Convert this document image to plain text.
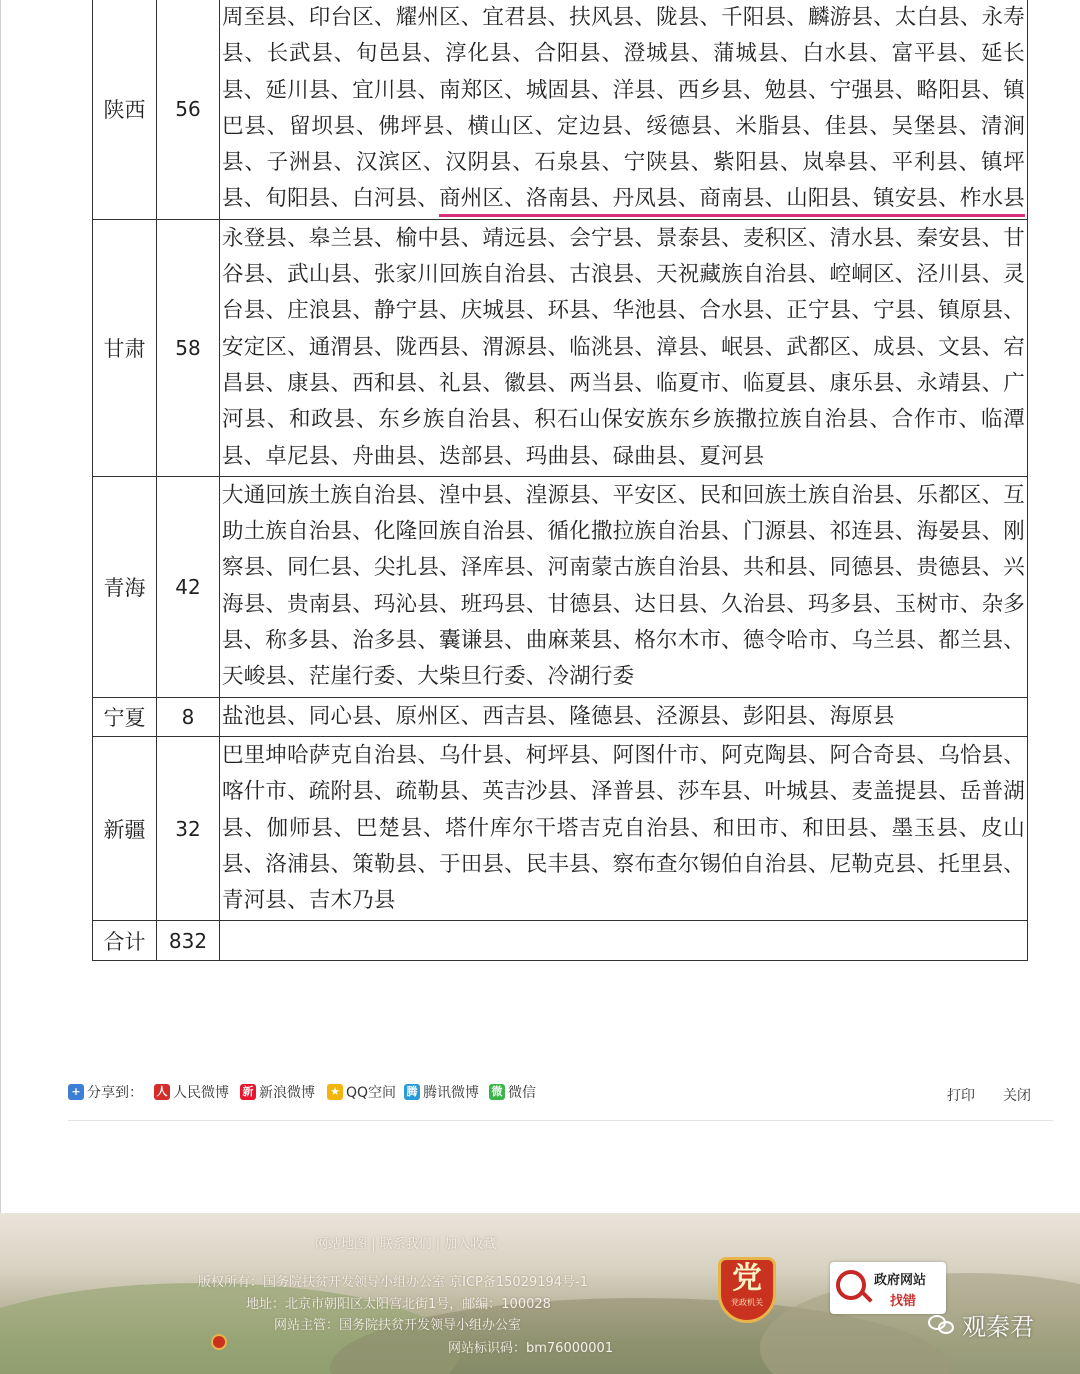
陕西	56	周至县、印台区、耀州区、宜君县、扶风县、陇县、千阳县、麟游县、太白县、永寿县、长武县、旬邑县、淳化县、合阳县、澄城县、蒲城县、白水县、富平县、延长县、延川县、宜川县、南郑区、城固县、洋县、西乡县、勉县、宁强县、略阳县、镇巴县、留坝县、佛坪县、横山区、定边县、绥德县、米脂县、佳县、吴堡县、清涧县、子洲县、汉滨区、汉阴县、石泉县、宁陕县、紫阳县、岚皋县、平利县、镇坪县、旬阳县、白河县、商州区、洛南县、丹凤县、商南县、山阳县、镇安县、柞水县
甘肃	58	永登县、皋兰县、榆中县、靖远县、会宁县、景泰县、麦积区、清水县、秦安县、甘谷县、武山县、张家川回族自治县、古浪县、天祝藏族自治县、崆峒区、泾川县、灵台县、庄浪县、静宁县、庆城县、环县、华池县、合水县、正宁县、宁县、镇原县、安定区、通渭县、陇西县、渭源县、临洮县、漳县、岷县、武都区、成县、文县、宕昌县、康县、西和县、礼县、徽县、两当县、临夏市、临夏县、康乐县、永靖县、广河县、和政县、东乡族自治县、积石山保安族东乡族撒拉族自治县、合作市、临潭县、卓尼县、舟曲县、迭部县、玛曲县、碌曲县、夏河县
青海	42	大通回族土族自治县、湟中县、湟源县、平安区、民和回族土族自治县、乐都区、互助土族自治县、化隆回族自治县、循化撒拉族自治县、门源县、祁连县、海晏县、刚察县、同仁县、尖扎县、泽库县、河南蒙古族自治县、共和县、同德县、贵德县、兴海县、贵南县、玛沁县、班玛县、甘德县、达日县、久治县、玛多县、玉树市、杂多县、称多县、治多县、囊谦县、曲麻莱县、格尔木市、德令哈市、乌兰县、都兰县、天峻县、茫崖行委、大柴旦行委、冷湖行委
宁夏	8	盐池县、同心县、原州区、西吉县、隆德县、泾源县、彭阳县、海原县
新疆	32	巴里坤哈萨克自治县、乌什县、柯坪县、阿图什市、阿克陶县、阿合奇县、乌恰县、喀什市、疏附县、疏勒县、英吉沙县、泽普县、莎车县、叶城县、麦盖提县、岳普湖县、伽师县、巴楚县、塔什库尔干塔吉克自治县、和田市、和田县、墨玉县、皮山县、洛浦县、策勒县、于田县、民丰县、察布查尔锡伯自治县、尼勒克县、托里县、青河县、吉木乃县
合计	832	
+ 分享到： 人 人民微博 新 新浪微博 ★ QQ空间 腾 腾讯微博 微 微信	打印 关闭
网站地图 | 联系我们 | 加入收藏
版权所有：国务院扶贫开发领导小组办公室 京ICP备15029194号-1
地址：北京市朝阳区太阳宫北街1号，邮编：100028
网站主管：国务院扶贫开发领导小组办公室
网站标识码：bm76000001
党
党政机关
政府网站
找错
观秦君
